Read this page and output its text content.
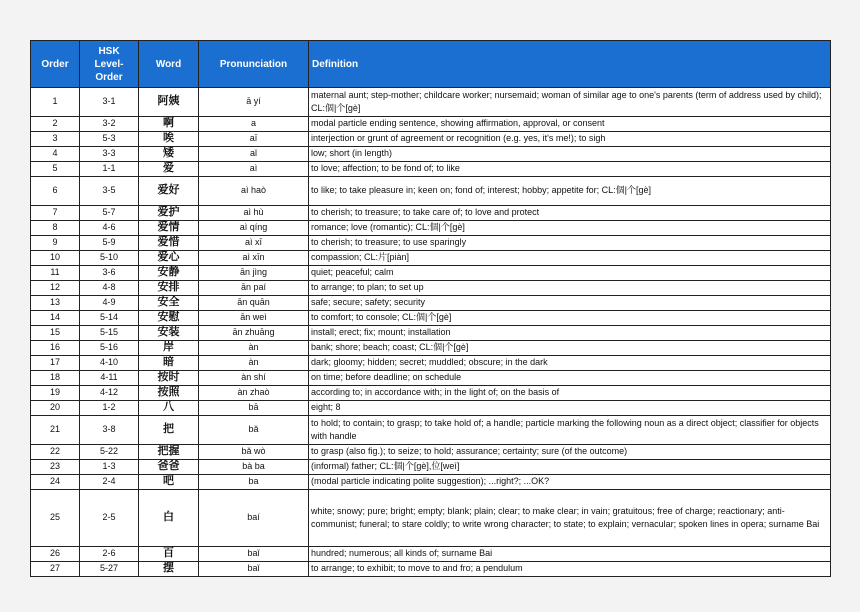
Order	HSK Level-Order	Word	Pronunciation	Definition
1	3-1	阿姨	ā yí	maternal aunt; step-mother; childcare worker; nursemaid; woman of similar age to one's parents (term of address used by child); CL:個|个[gè]
2	3-2	啊	a	modal particle ending sentence, showing affirmation, approval, or consent
3	5-3	唉	aī	interjection or grunt of agreement or recognition (e.g. yes, it's me!); to sigh
4	3-3	矮	aǐ	low; short (in length)
5	1-1	爱	aì	to love; affection; to be fond of; to like
6	3-5	爱好	aì haò	to like; to take pleasure in; keen on; fond of; interest; hobby; appetite for; CL:個|个[gè]
7	5-7	爱护	aì hù	to cherish; to treasure; to take care of; to love and protect
8	4-6	爱情	aì qíng	romance; love (romantic); CL:個|个[gè]
9	5-9	爱惜	aì xī	to cherish; to treasure; to use sparingly
10	5-10	爱心	aì xīn	compassion; CL:片[piàn]
11	3-6	安静	ān jìng	quiet; peaceful; calm
12	4-8	安排	ān paí	to arrange; to plan; to set up
13	4-9	安全	ān quān	safe; secure; safety; security
14	5-14	安慰	ān weì	to comfort; to console; CL:個|个[gè]
15	5-15	安装	ān zhuāng	install; erect; fix; mount; installation
16	5-16	岸	àn	bank; shore; beach; coast; CL:個|个[gè]
17	4-10	暗	àn	dark; gloomy; hidden; secret; muddled; obscure; in the dark
18	4-11	按时	àn shí	on time; before deadline; on schedule
19	4-12	按照	àn zhaò	according to; in accordance with; in the light of; on the basis of
20	1-2	八	bā	eight; 8
21	3-8	把	bǎ	to hold; to contain; to grasp; to take hold of; a handle; particle marking the following noun as a direct object; classifier for objects with handle
22	5-22	把握	bǎ wò	to grasp (also fig.); to seize; to hold; assurance; certainty; sure (of the outcome)
23	1-3	爸爸	bà ba	(informal) father; CL:個|个[gè],位[weì]
24	2-4	吧	ba	(modal particle indicating polite suggestion); ...right?; ...OK?
25	2-5	白	baí	white; snowy; pure; bright; empty; blank; plain; clear; to make clear; in vain; gratuitous; free of charge; reactionary; anti-communist; funeral; to stare coldly; to write wrong character; to state; to explain; vernacular; spoken lines in opera; surname Bai
26	2-6	百	baǐ	hundred; numerous; all kinds of; surname Bai
27	5-27	摆	baǐ	to arrange; to exhibit; to move to and fro; a pendulum
